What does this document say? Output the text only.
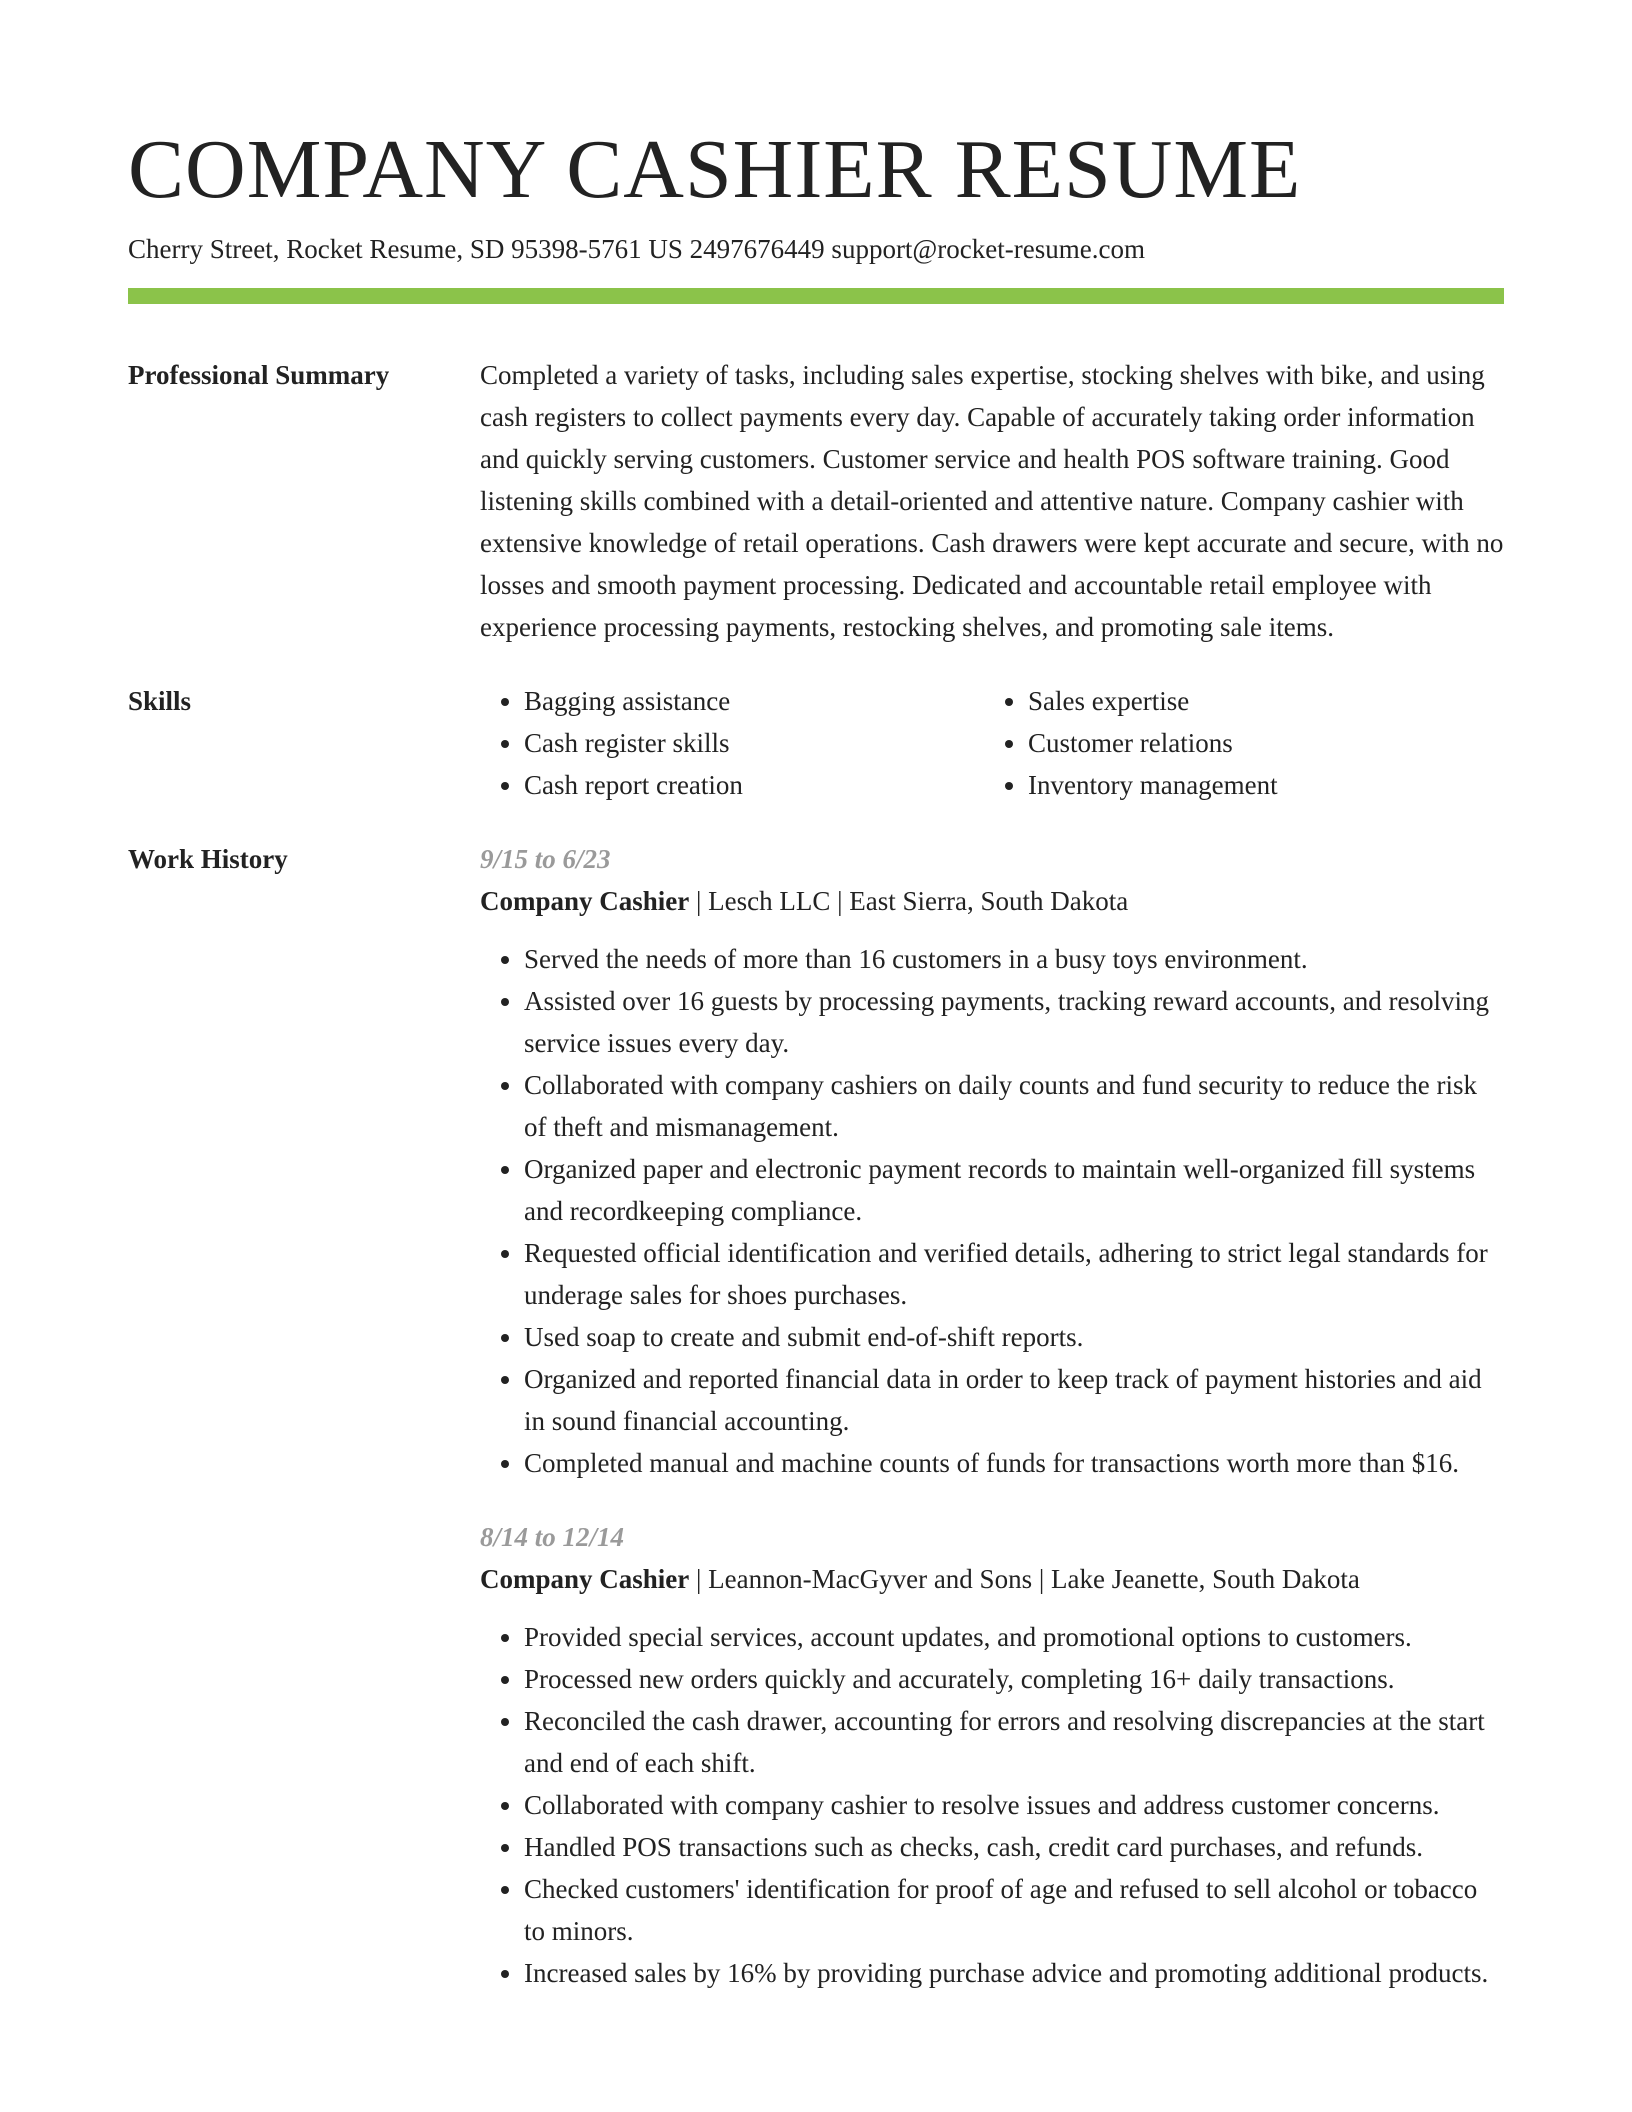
COMPANY CASHIER RESUME
Cherry Street, Rocket Resume, SD 95398-5761 US 2497676449 support@rocket-resume.com
Professional Summary	Completed a variety of tasks, including sales expertise, stocking shelves with bike, and using cash registers to collect payments every day. Capable of accurately taking order information and quickly serving customers. Customer service and health POS software training. Good listening skills combined with a detail-oriented and attentive nature. Company cashier with extensive knowledge of retail operations. Cash drawers were kept accurate and secure, with no losses and smooth payment processing. Dedicated and accountable retail employee with experience processing payments, restocking shelves, and promoting sale items.
Skills
•	Bagging assistance
• Cash register skills
• Cash report creation
• Sales expertise
• Customer relations
• Inventory management
Work History	9/15 to 6/23
Company Cashier | Lesch LLC | East Sierra, South Dakota
• Served the needs of more than 16 customers in a busy toys environment.
• Assisted over 16 guests by processing payments, tracking reward accounts, and resolving service issues every day.
• Collaborated with company cashiers on daily counts and fund security to reduce the risk of theft and mismanagement.
• Organized paper and electronic payment records to maintain well-organized fill systems and recordkeeping compliance.
• Requested official identification and verified details, adhering to strict legal standards for underage sales for shoes purchases.
• Used soap to create and submit end-of-shift reports.
• Organized and reported financial data in order to keep track of payment histories and aid in sound financial accounting.
• Completed manual and machine counts of funds for transactions worth more than $16.
8/14 to 12/14
Company Cashier | Leannon-MacGyver and Sons | Lake Jeanette, South Dakota
• Provided special services, account updates, and promotional options to customers.
• Processed new orders quickly and accurately, completing 16+ daily transactions.
• Reconciled the cash drawer, accounting for errors and resolving discrepancies at the start and end of each shift.
• Collaborated with company cashier to resolve issues and address customer concerns.
• Handled POS transactions such as checks, cash, credit card purchases, and refunds.
• Checked customers' identification for proof of age and refused to sell alcohol or tobacco to minors.
• Increased sales by 16% by providing purchase advice and promoting additional products.
